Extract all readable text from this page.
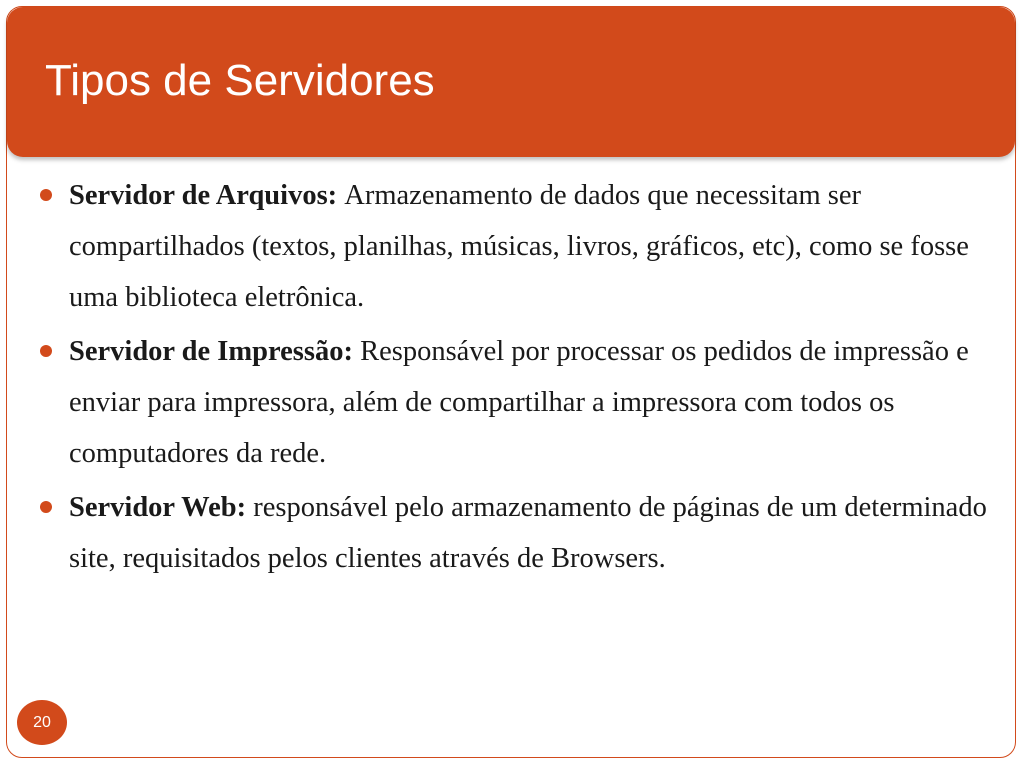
Tipos de Servidores
Servidor de Arquivos: Armazenamento de dados que necessitam ser compartilhados (textos, planilhas, músicas, livros, gráficos, etc), como se fosse uma biblioteca eletrônica.
Servidor de Impressão: Responsável por processar os pedidos de impressão e enviar para impressora, além de compartilhar a impressora com todos os computadores da rede.
Servidor Web: responsável pelo armazenamento de páginas de um determinado site, requisitados pelos clientes através de Browsers.
20
